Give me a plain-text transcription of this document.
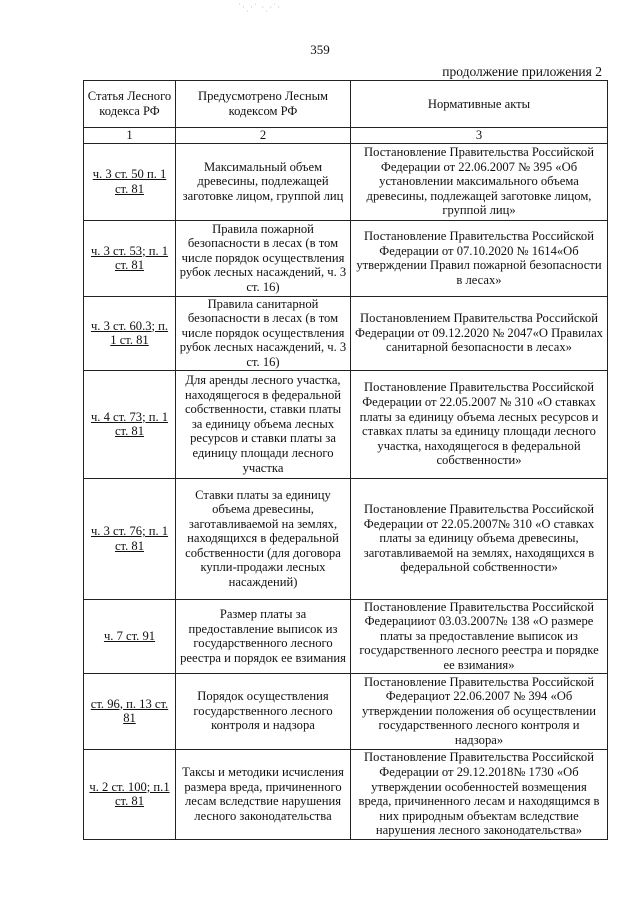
ˈ·ˌ·ˈ ·ˌ·ˈ·
359
продолжение приложения 2
Статья Лесного кодекса РФ	Предусмотрено Лесным кодексом РФ	Нормативные акты
1	2	3
ч. 3 ст. 50 п. 1 ст. 81	Максимальный объем древесины, подлежащей заготовке лицом, группой лиц	Постановление Правительства Российской Федерации от 22.06.2007 № 395 «Об установлении максимального объема древесины, подлежащей заготовке лицом, группой лиц»
ч. 3 ст. 53; п. 1 ст. 81	Правила пожарной безопасности в лесах (в том числе порядок осуществления рубок лесных насаждений, ч. 3 ст. 16)	Постановление Правительства Российской Федерации от 07.10.2020 № 1614«Об утверждении Правил пожарной безопасности в лесах»
ч. 3 ст. 60.3; п. 1 ст. 81	Правила санитарной безопасности в лесах (в том числе порядок осуществления рубок лесных насаждений, ч. 3 ст. 16)	Постановлением Правительства Российской Федерации от 09.12.2020 № 2047«О Правилах санитарной безопасности в лесах»
ч. 4 ст. 73; п. 1 ст. 81	Для аренды лесного участка, находящегося в федеральной собственности, ставки платы за единицу объема лесных ресурсов и ставки платы за единицу площади лесного участка	Постановление Правительства Российской Федерации от 22.05.2007 № 310 «О ставках платы за единицу объема лесных ресурсов и ставках платы за единицу площади лесного участка, находящегося в федеральной собственности»
ч. 3 ст. 76; п. 1 ст. 81	Ставки платы за единицу объема древесины, заготавливаемой на землях, находящихся в федеральной собственности (для договора купли-продажи лесных насаждений)	Постановление Правительства Российской Федерации от 22.05.2007№ 310 «О ставках платы за единицу объема древесины, заготавливаемой на землях, находящихся в федеральной собственности»
ч. 7 ст. 91	Размер платы за предоставление выписок из государственного лесного реестра и порядок ее взимания	Постановление Правительства Российской Федерацииот 03.03.2007№ 138 «О размере платы за предоставление выписок из государственного лесного реестра и порядке ее взимания»
ст. 96, п. 13 ст. 81	Порядок осуществления государственного лесного контроля и надзора	Постановление Правительства Российской Федерациoт 22.06.2007 № 394 «Об утверждении положения об осуществлении государственного лесного контроля и надзора»
ч. 2 ст. 100; п.1 ст. 81	Таксы и методики исчисления размера вреда, причиненного лесам вследствие нарушения лесного законодательства	Постановление Правительства Российской Федерации от 29.12.2018№ 1730 «Об утверждении особенностей возмещения вреда, причиненного лесам и находящимся в них природным объектам вследствие нарушения лесного законодательства»
